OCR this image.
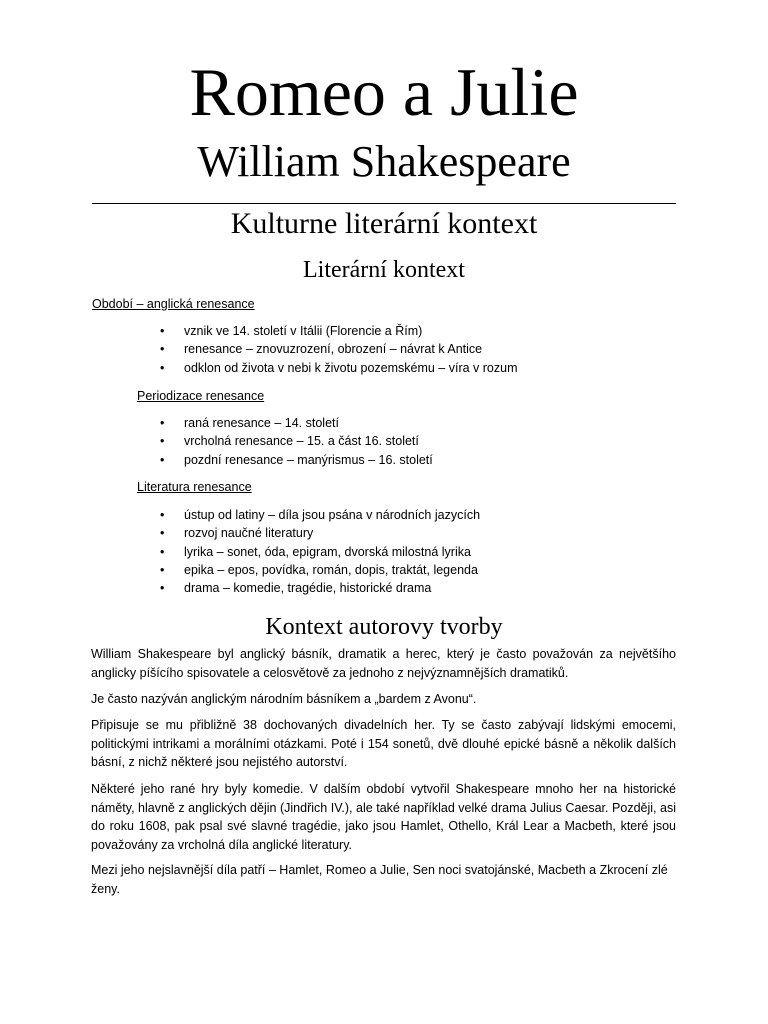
Romeo a Julie
William Shakespeare
Kulturne literární kontext
Literární kontext
Období – anglická renesance
• vznik ve 14. století v Itálii (Florencie a Řím)
• renesance – znovuzrození, obrození – návrat k Antice
• odklon od života v nebi k životu pozemskému – víra v rozum
Periodizace renesance
• raná renesance – 14. století
• vrcholná renesance – 15. a část 16. století
• pozdní renesance – manýrismus – 16. století
Literatura renesance
• ústup od latiny – díla jsou psána v národních jazycích
• rozvoj naučné literatury
• lyrika – sonet, óda, epigram, dvorská milostná lyrika
• epika – epos, povídka, román, dopis, traktát, legenda
• drama – komedie, tragédie, historické drama
Kontext autorovy tvorby

William Shakespeare byl anglický básník, dramatik a herec, který je často považován za největšího anglicky píšícího spisovatele a celosvětově za jednoho z nejvýznamnějších dramatiků.

Je často nazýván anglickým národním básníkem a „bardem z Avonu“.

Připisuje se mu přibližně 38 dochovaných divadelních her. Ty se často zabývají lidskými emocemi, politickými intrikami a morálními otázkami. Poté i 154 sonetů, dvě dlouhé epické básně a několik dalších básní, z nichž některé jsou nejistého autorství.

Některé jeho rané hry byly komedie. V dalším období vytvořil Shakespeare mnoho her na historické náměty, hlavně z anglických dějin (Jindřich IV.), ale také například velké drama Julius Caesar. Později, asi do roku 1608, pak psal své slavné tragédie, jako jsou Hamlet, Othello, Král Lear a Macbeth, které jsou považovány za vrcholná díla anglické literatury.

Mezi jeho nejslavnější díla patří – Hamlet, Romeo a Julie, Sen noci svatojánské, Macbeth a Zkrocení zlé ženy.
